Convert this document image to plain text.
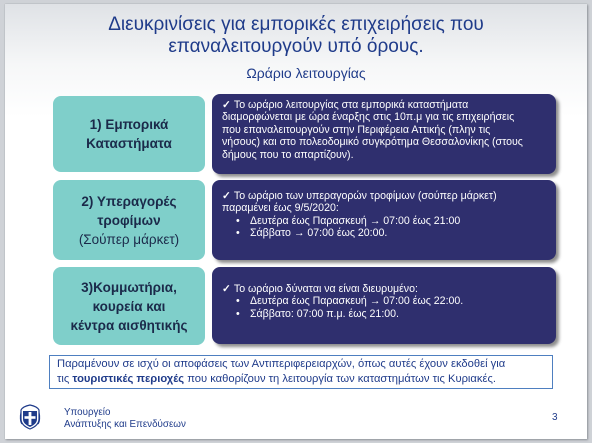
Διευκρινίσεις για εμπορικές επιχειρήσεις που
επαναλειτουργούν υπό όρους.
Ωράριο λειτουργίας
1) Εμπορικά
Καταστήματα
✓ Το ωράριο λειτουργίας στα εμπορικά καταστήματα
διαμορφώνεται με ώρα έναρξης στις 10π.μ για τις επιχειρήσεις
που επαναλειτουργούν στην Περιφέρεια Αττικής (πλην τις
νήσους) και στο πολεοδομικό συγκρότημα Θεσσαλονίκης (στους
δήμους που το απαρτίζουν).
2) Υπεραγορές
τροφίμων
(Σούπερ μάρκετ)
✓ Το ωράριο των υπεραγορών τροφίμων (σούπερ μάρκετ)
παραμένει έως 9/5/2020:
• Δευτέρα έως Παρασκευή → 07:00 έως 21:00
• Σάββατο → 07:00 έως 20:00.
3)Κομμωτήρια,
κουρεία και
κέντρα αισθητικής
✓ Το ωράριο δύναται να είναι διευρυμένο:
• Δευτέρα έως Παρασκευή → 07:00 έως 22:00.
• Σάββατο: 07:00 π.μ. έως 21:00.
Παραμένουν σε ισχύ οι αποφάσεις των Αντιπεριφερειαρχών, όπως αυτές έχουν εκδοθεί για
τις τουριστικές περιοχές που καθορίζουν τη λειτουργία των καταστημάτων τις Κυριακές.
Υπουργείο
Ανάπτυξης και Επενδύσεων
3
